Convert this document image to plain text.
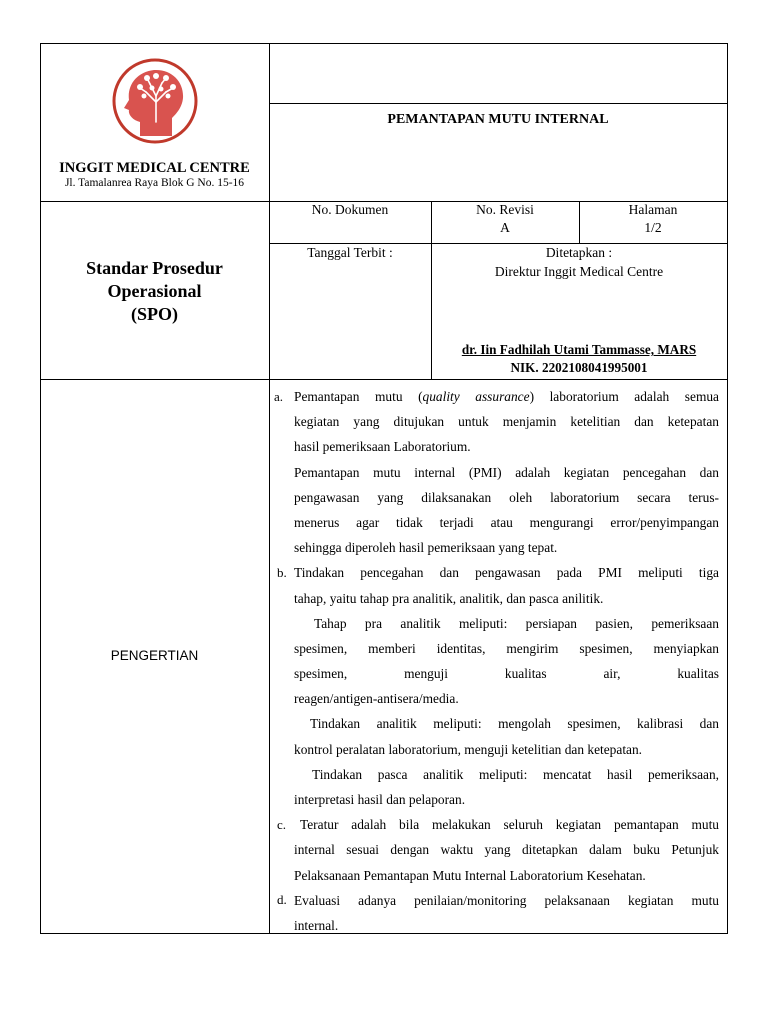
INGGIT MEDICAL CENTRE
Jl. Tamalanrea Raya Blok G No. 15-16
PEMANTAPAN MUTU INTERNAL
No. Dokumen	No. Revisi
A
Halaman
1/2
Tanggal Terbit :	Ditetapkan :
Direktur Inggit Medical Centre
dr. Iin Fadhilah Utami Tammasse, MARS
NIK. 2202108041995001
Standar Prosedur
Operasional
(SPO)
PENGERTIAN
a.
b.
c.
d.
Pemantapan mutu (quality assurance) laboratorium adalah semua
kegiatan yang ditujukan untuk menjamin ketelitian dan ketepatan
hasil pemeriksaan Laboratorium.
Pemantapan mutu internal (PMI) adalah kegiatan pencegahan dan
pengawasan yang dilaksanakan oleh laboratorium secara terus-
menerus agar tidak terjadi atau mengurangi error/penyimpangan
sehingga diperoleh hasil pemeriksaan yang tepat.
Tindakan pencegahan dan pengawasan pada PMI meliputi tiga
tahap, yaitu tahap pra analitik, analitik, dan pasca anilitik.
Tahap pra analitik meliputi: persiapan pasien, pemeriksaan
spesimen, memberi identitas, mengirim spesimen, menyiapkan
spesimen, menguji kualitas air, kualitas
reagen/antigen-antisera/media.
Tindakan analitik meliputi: mengolah spesimen, kalibrasi dan
kontrol peralatan laboratorium, menguji ketelitian dan ketepatan.
Tindakan pasca analitik meliputi: mencatat hasil pemeriksaan,
interpretasi hasil dan pelaporan.
Teratur adalah bila melakukan seluruh kegiatan pemantapan mutu
internal sesuai dengan waktu yang ditetapkan dalam buku Petunjuk
Pelaksanaan Pemantapan Mutu Internal Laboratorium Kesehatan.
Evaluasi adanya penilaian/monitoring pelaksanaan kegiatan mutu
internal.
